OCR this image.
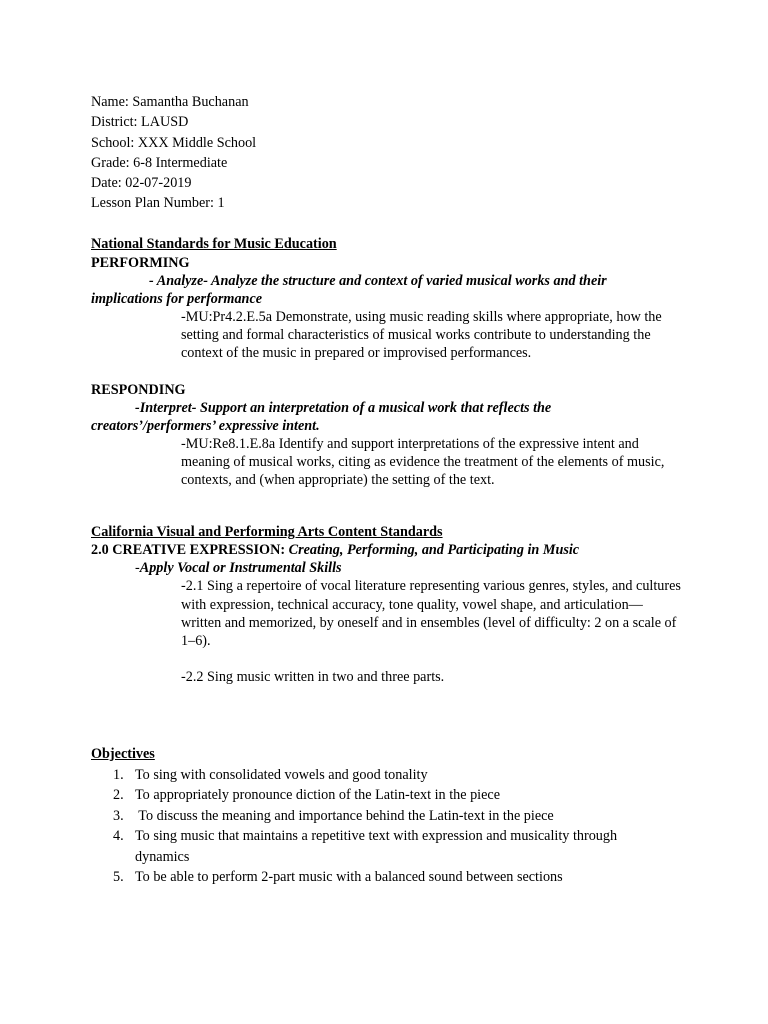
Name: Samantha Buchanan
District: LAUSD
School: XXX Middle School
Grade: 6-8 Intermediate
Date: 02-07-2019
Lesson Plan Number: 1
National Standards for Music Education
PERFORMING
- Analyze- Analyze the structure and context of varied musical works and their implications for performance
-MU:Pr4.2.E.5a Demonstrate, using music reading skills where appropriate, how the setting and formal characteristics of musical works contribute to understanding the context of the music in prepared or improvised performances.
RESPONDING
-Interpret- Support an interpretation of a musical work that reflects the creators’/performers’ expressive intent.
-MU:Re8.1.E.8a Identify and support interpretations of the expressive intent and meaning of musical works, citing as evidence the treatment of the elements of music, contexts, and (when appropriate) the setting of the text.
California Visual and Performing Arts Content Standards
2.0 CREATIVE EXPRESSION: Creating, Performing, and Participating in Music
-Apply Vocal or Instrumental Skills
-2.1 Sing a repertoire of vocal literature representing various genres, styles, and cultures with expression, technical accuracy, tone quality, vowel shape, and articulation—written and memorized, by oneself and in ensembles (level of difficulty: 2 on a scale of 1–6).
-2.2 Sing music written in two and three parts.
Objectives
1. To sing with consolidated vowels and good tonality
2. To appropriately pronounce diction of the Latin-text in the piece
3. To discuss the meaning and importance behind the Latin-text in the piece
4. To sing music that maintains a repetitive text with expression and musicality through dynamics
5. To be able to perform 2-part music with a balanced sound between sections
